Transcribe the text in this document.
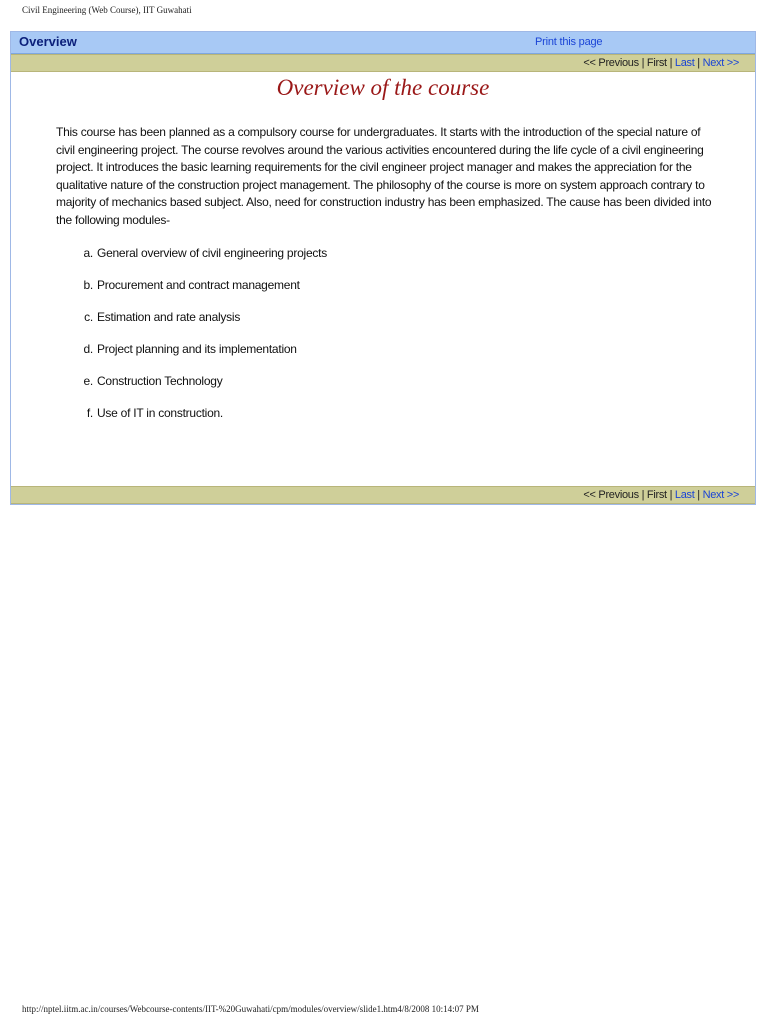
Civil Engineering (Web Course), IIT Guwahati
Overview	Print this page
<< Previous | First | Last | Next >>
Overview of the course
This course has been planned as a compulsory course for undergraduates. It starts with the introduction of the special nature of civil engineering project. The course revolves around the various activities encountered during the life cycle of a civil engineering project. It introduces the basic learning requirements for the civil engineer project manager and makes the appreciation for the qualitative nature of the construction project management. The philosophy of the course is more on system approach contrary to majority of mechanics based subject. Also, need for construction industry has been emphasized. The cause has been divided into the following modules-
a. General overview of civil engineering projects
b. Procurement and contract management
c. Estimation and rate analysis
d. Project planning and its implementation
e. Construction Technology
f. Use of IT in construction.
<< Previous | First | Last | Next >>
http://nptel.iitm.ac.in/courses/Webcourse-contents/IIT-%20Guwahati/cpm/modules/overview/slide1.htm4/8/2008 10:14:07 PM
